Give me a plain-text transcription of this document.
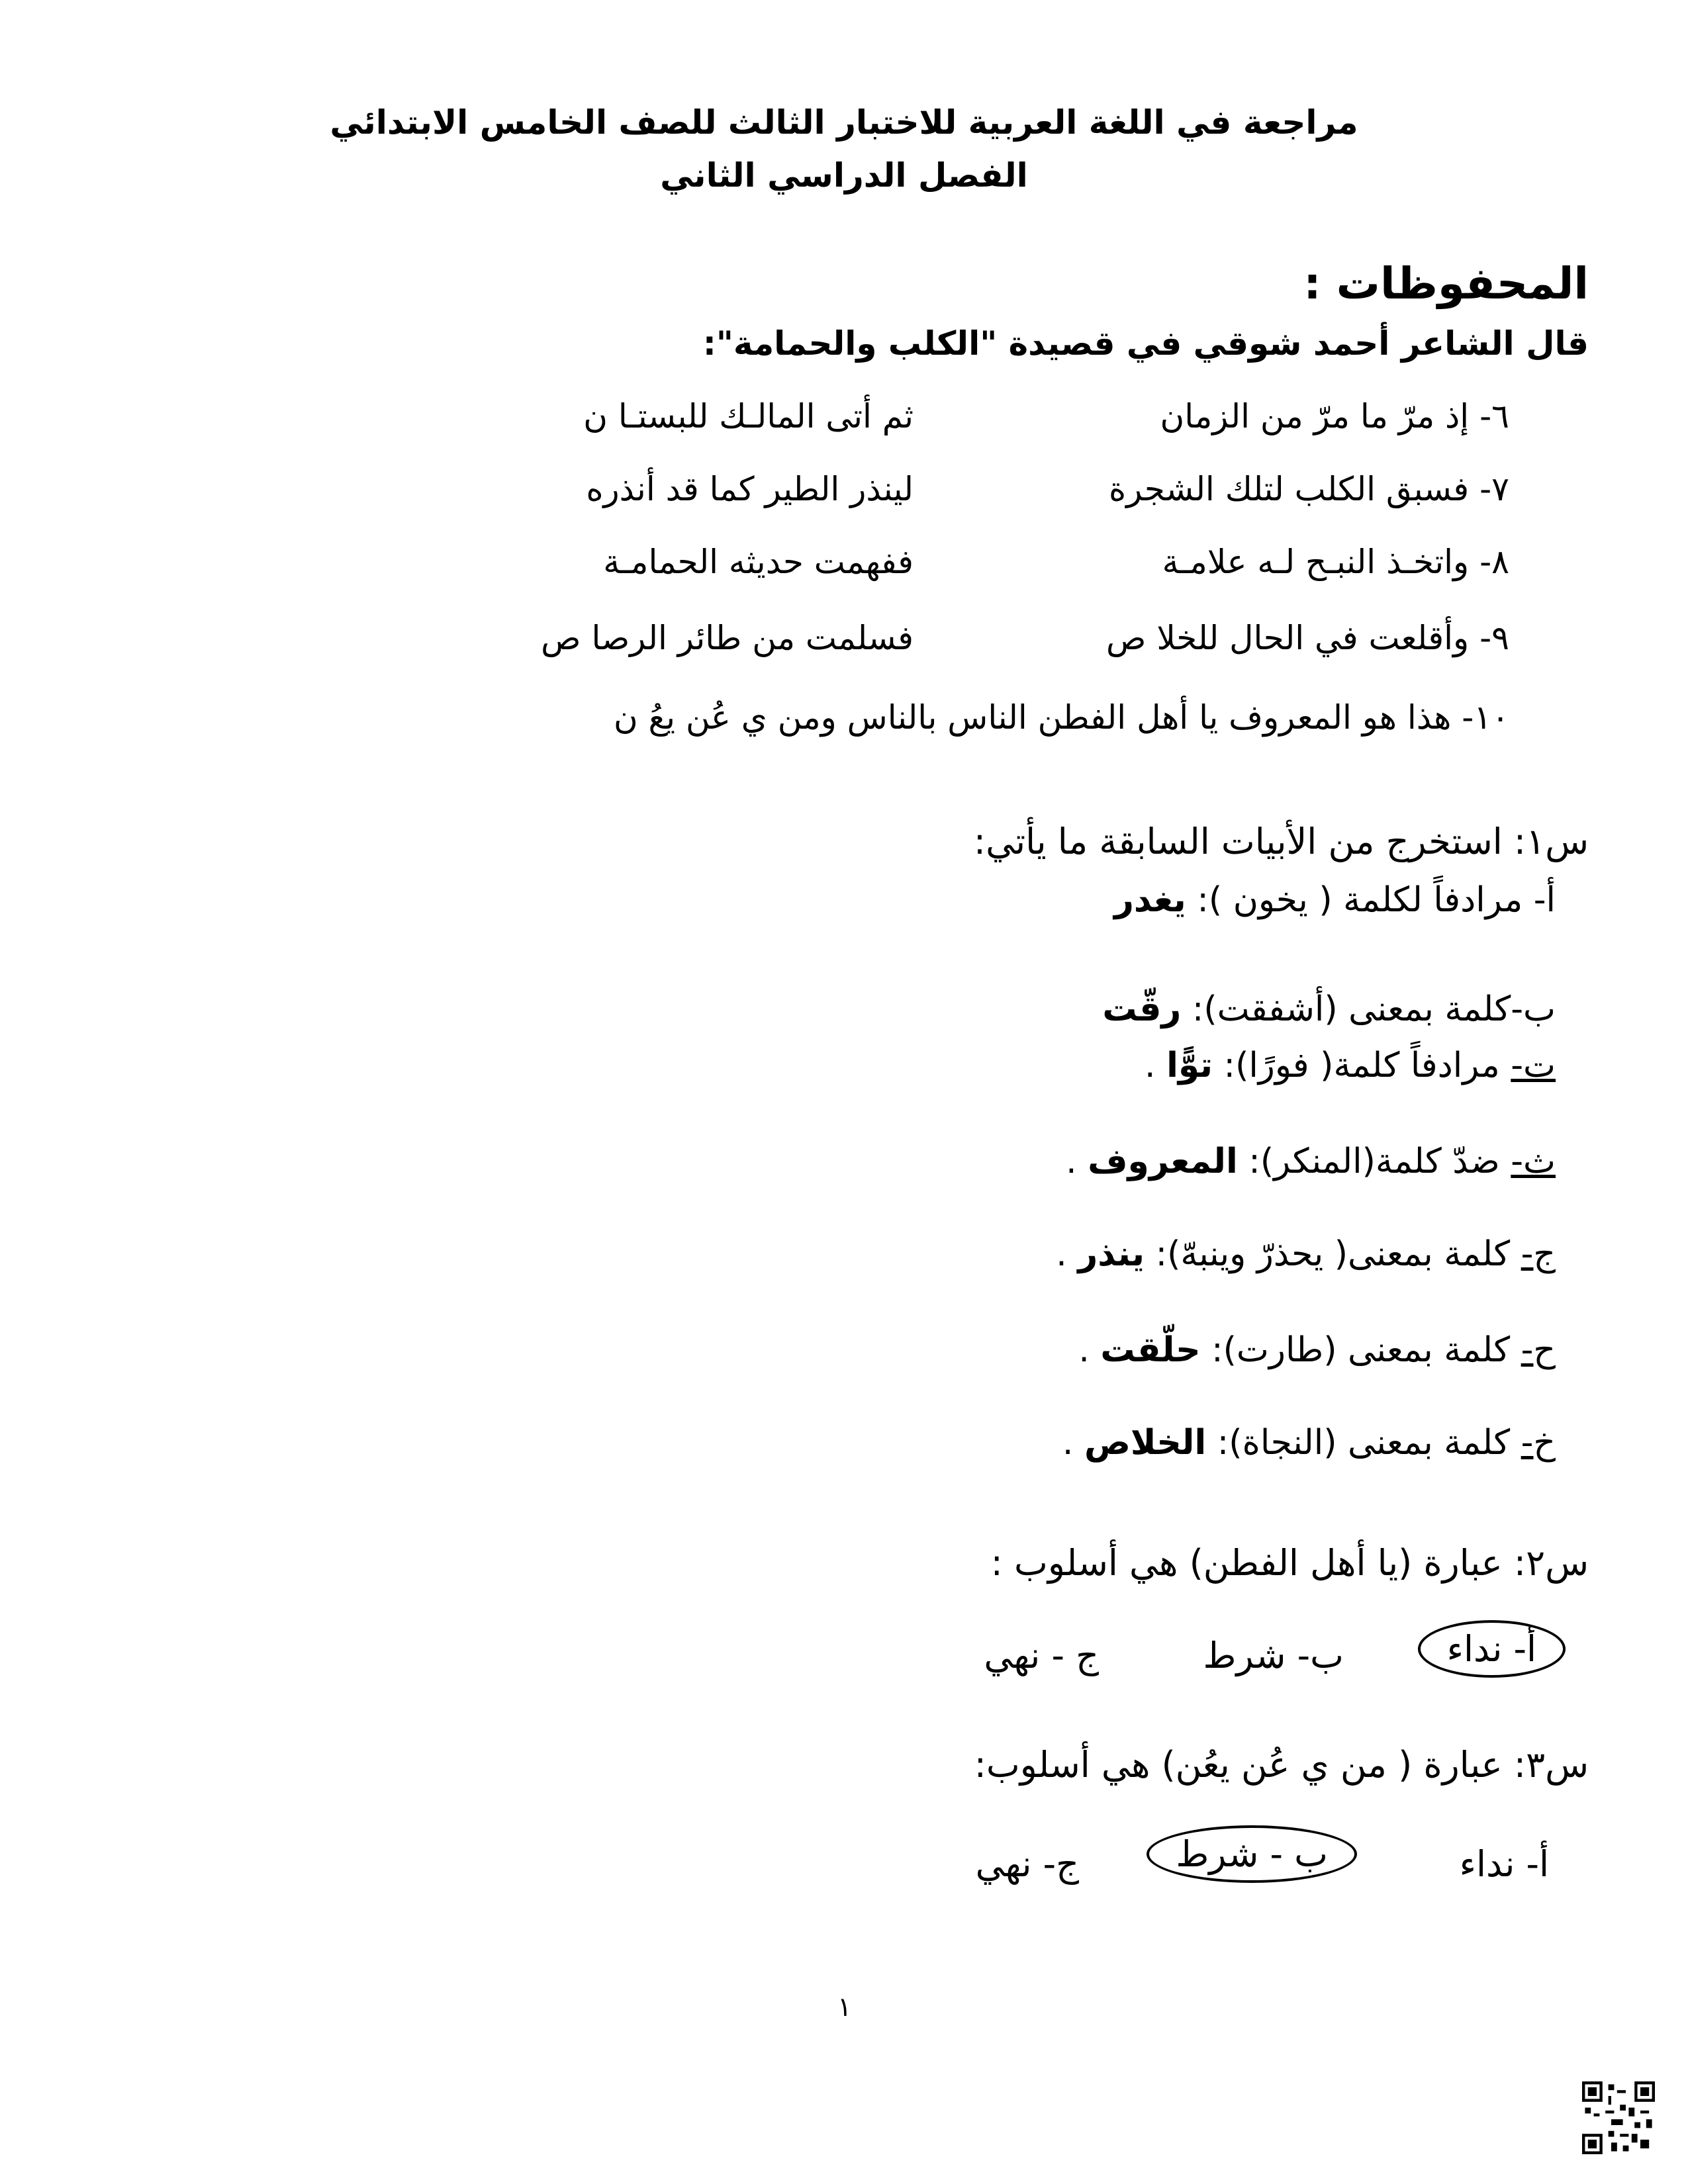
مراجعة في اللغة العربية للاختبار الثالث للصف الخامس الابتدائي
الفصل الدراسي الثاني
المحفوظات :
قال الشاعر أحمد شوقي في قصيدة "الكلب والحمامة":
٦- إذ مرّ ما مرّ من الزمان
ثم أتى المالـك للبستـا ن
٧- فسبق الكلب لتلك الشجرة
لينذر الطير كما قد أنذره
٨- واتخـذ النبـح لـه علامـة
ففهمت حديثه الحمامـة
٩- وأقلعت في الحال للخلا ص
فسلمت من طائر الرصا ص
١٠- هذا هو المعروف يا أهل الفطن الناس بالناس ومن ي عُن يعُ ن
س١: استخرج من الأبيات السابقة ما يأتي:
أ- مرادفاً لكلمة ( يخون ): يغدر
ب-كلمة بمعنى (أشفقت): رقّت
ت- مرادفاً كلمة( فورًا): توًّا .
ث- ضدّ كلمة(المنكر): المعروف .
ج- كلمة بمعنى( يحذرّ وينبهّ): ينذر .
ح- كلمة بمعنى (طارت): حلّقت .
خ- كلمة بمعنى (النجاة): الخلاص .
س٢: عبارة (يا أهل الفطن) هي أسلوب :
أ- نداء
ب- شرط
ج - نهي
س٣: عبارة ( من ي عُن يعُن) هي أسلوب:
أ- نداء
ب - شرط
ج- نهي
١
